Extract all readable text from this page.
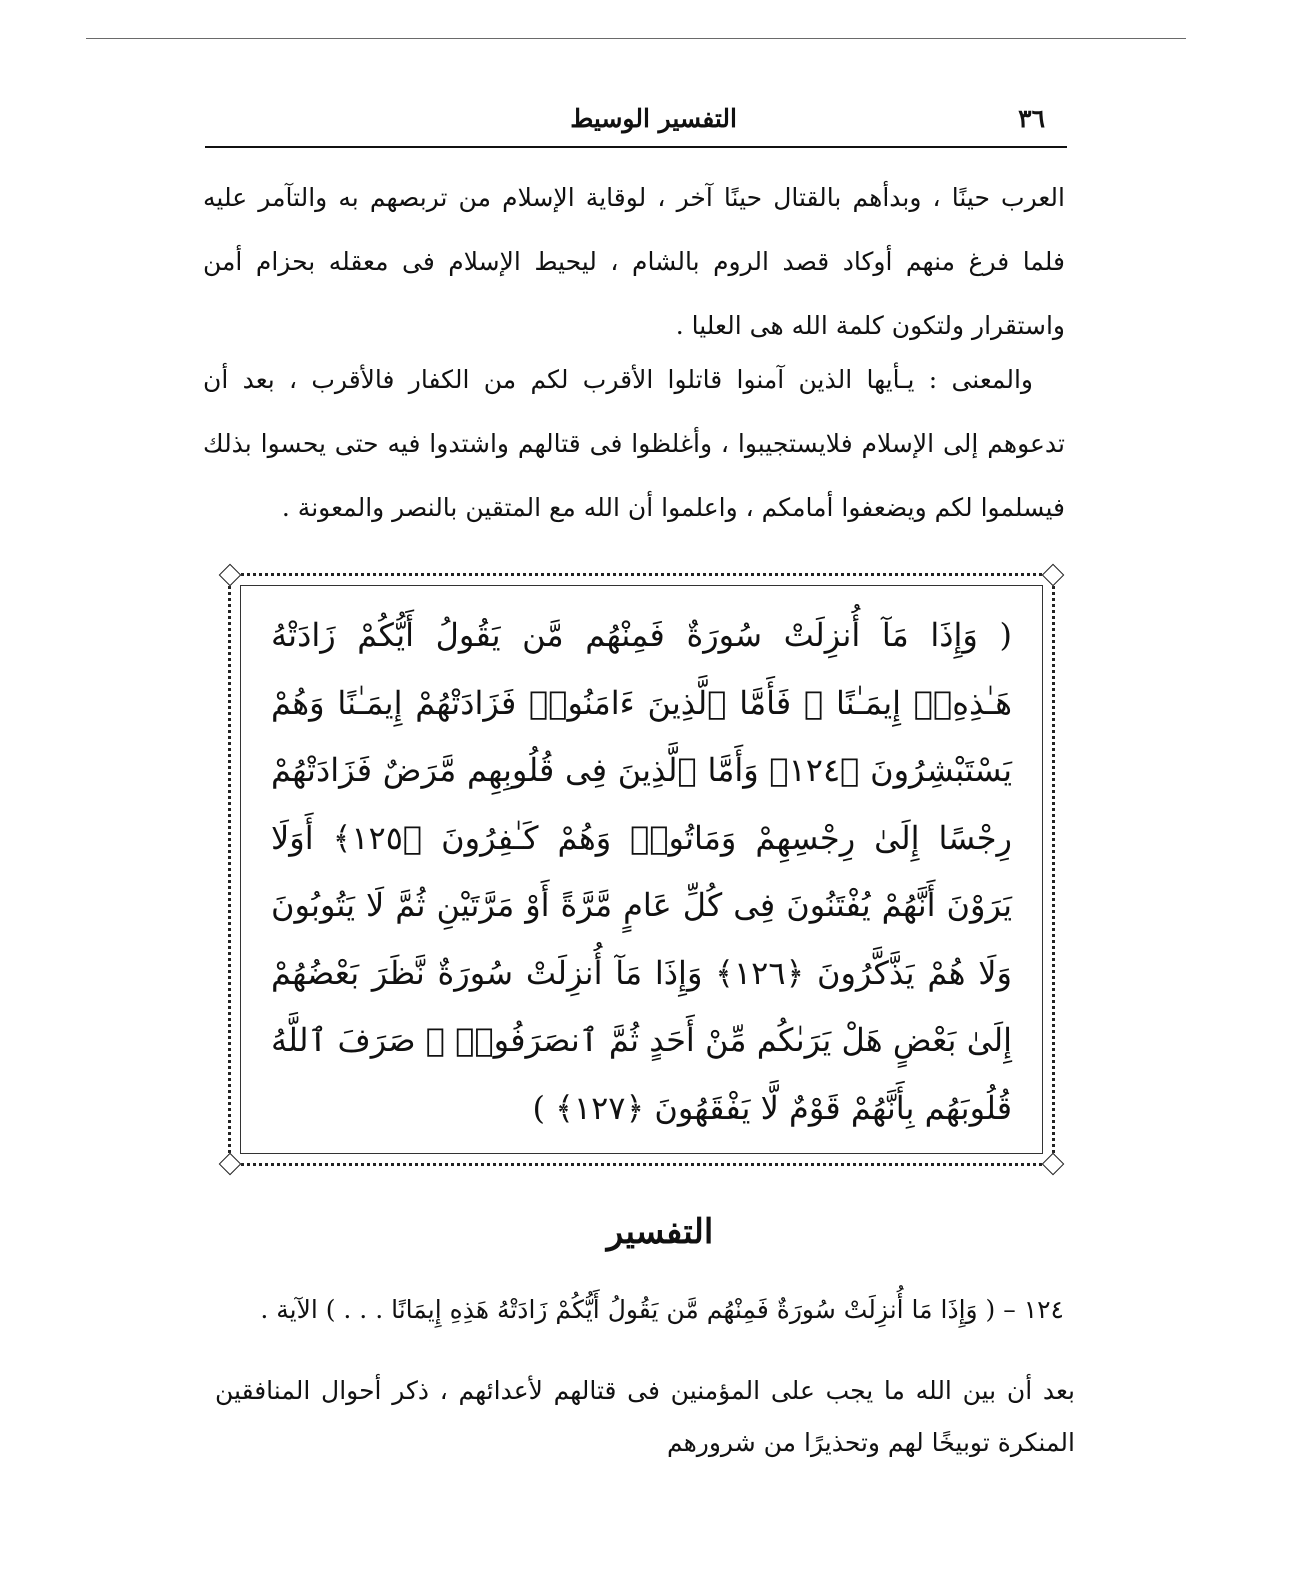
التفسير الوسيط	٣٦

العرب حينًا ، وبدأهم بالقتال حينًا آخر ، لوقاية الإسلام من تربصهم به والتآمر عليه فلما فرغ منهم أوكاد قصد الروم بالشام ، ليحيط الإسلام فى معقله بحزام أمن واستقرار ولتكون كلمة الله هى العليا .

والمعنى : يـأيها الذين آمنوا قاتلوا الأقرب لكم من الكفار فالأقرب ، بعد أن تدعوهم إلى الإسلام فلايستجيبوا ، وأغلظوا فى قتالهم واشتدوا فيه حتى يحسوا بذلك فيسلموا لكم ويضعفوا أمامكم ، واعلموا أن الله مع المتقين بالنصر والمعونة .

( وَإِذَا مَآ أُنزِلَتْ سُورَةٌ فَمِنْهُم مَّن يَقُولُ أَيُّكُمْ زَادَتْهُ هَـٰذِهِۦٓ إِيمَـٰنًا ۚ فَأَمَّا ٱلَّذِينَ ءَامَنُوا۟ فَزَادَتْهُمْ إِيمَـٰنًا وَهُمْ يَسْتَبْشِرُونَ ﴿١٢٤﴾ وَأَمَّا ٱلَّذِينَ فِى قُلُوبِهِم مَّرَضٌ فَزَادَتْهُمْ رِجْسًا إِلَىٰ رِجْسِهِمْ وَمَاتُوا۟ وَهُمْ كَـٰفِرُونَ ﴿١٢٥﴾ أَوَلَا يَرَوْنَ أَنَّهُمْ يُفْتَنُونَ فِى كُلِّ عَامٍ مَّرَّةً أَوْ مَرَّتَيْنِ ثُمَّ لَا يَتُوبُونَ وَلَا هُمْ يَذَّكَّرُونَ ﴿١٢٦﴾ وَإِذَا مَآ أُنزِلَتْ سُورَةٌ نَّظَرَ بَعْضُهُمْ إِلَىٰ بَعْضٍ هَلْ يَرَىٰكُم مِّنْ أَحَدٍ ثُمَّ ٱنصَرَفُوا۟ ۚ صَرَفَ ٱللَّهُ قُلُوبَهُم بِأَنَّهُمْ قَوْمٌ لَّا يَفْقَهُونَ ﴿١٢٧﴾ )

التفسير

١٢٤ – ( وَإِذَا مَا أُنزِلَتْ سُورَةٌ فَمِنْهُم مَّن يَقُولُ أَيُّكُمْ زَادَتْهُ هَذِهِ إِيمَانًا . . . ) الآية .

بعد أن بين الله ما يجب على المؤمنين فى قتالهم لأعدائهم ، ذكر أحوال المنافقين المنكرة توبيخًا لهم وتحذيرًا من شرورهم
